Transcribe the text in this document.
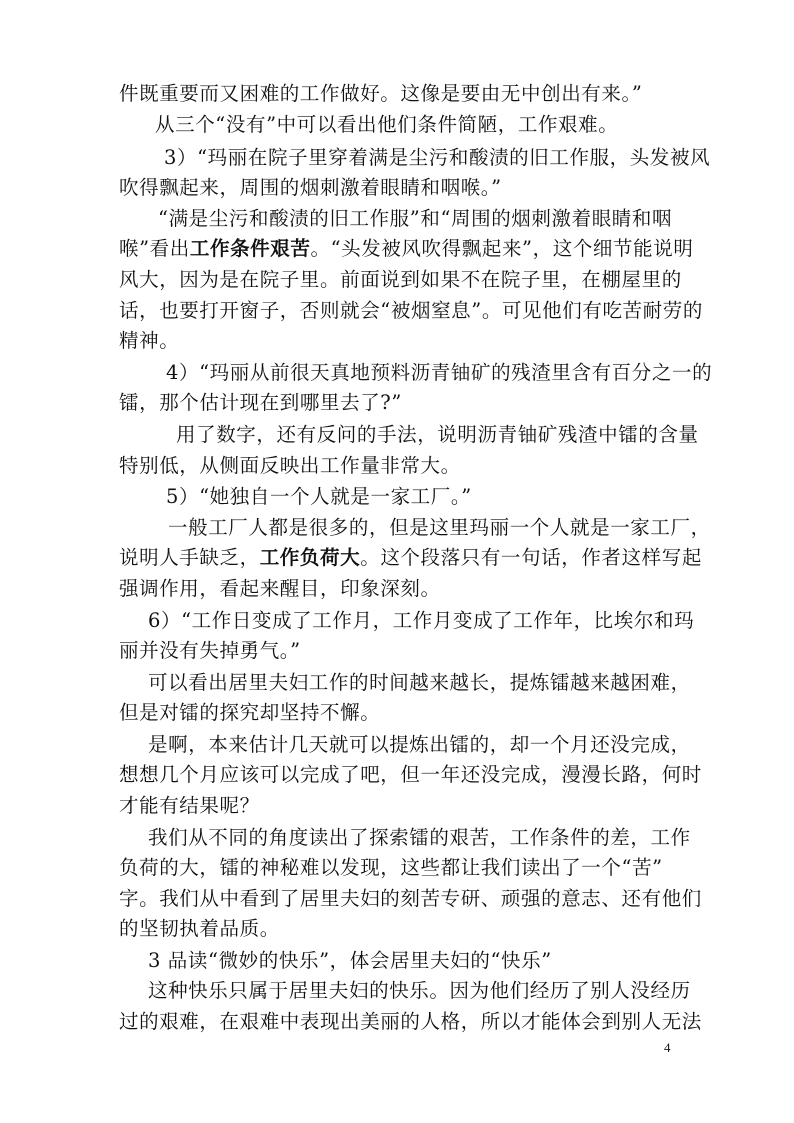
件既重要而又困难的工作做好。这像是要由无中创出有来。”
从三个“没有”中可以看出他们条件简陋，工作艰难。
3）“玛丽在院子里穿着满是尘污和酸渍的旧工作服，头发被风
吹得飘起来，周围的烟刺激着眼睛和咽喉。”
“满是尘污和酸渍的旧工作服”和“周围的烟刺激着眼睛和咽
喉”看出工作条件艰苦。“头发被风吹得飘起来”，这个细节能说明
风大，因为是在院子里。前面说到如果不在院子里，在棚屋里的
话，也要打开窗子，否则就会“被烟窒息”。可见他们有吃苦耐劳的
精神。
4）“玛丽从前很天真地预料沥青铀矿的残渣里含有百分之一的
镭，那个估计现在到哪里去了?”
用了数字，还有反问的手法，说明沥青铀矿残渣中镭的含量
特别低，从侧面反映出工作量非常大。
5）“她独自一个人就是一家工厂。”
一般工厂人都是很多的，但是这里玛丽一个人就是一家工厂，
说明人手缺乏，工作负荷大。这个段落只有一句话，作者这样写起
强调作用，看起来醒目，印象深刻。
6）“工作日变成了工作月，工作月变成了工作年，比埃尔和玛
丽并没有失掉勇气。”
可以看出居里夫妇工作的时间越来越长，提炼镭越来越困难，
但是对镭的探究却坚持不懈。
是啊，本来估计几天就可以提炼出镭的，却一个月还没完成，
想想几个月应该可以完成了吧，但一年还没完成，漫漫长路，何时
才能有结果呢？
我们从不同的角度读出了探索镭的艰苦，工作条件的差，工作
负荷的大，镭的神秘难以发现，这些都让我们读出了一个“苦”
字。我们从中看到了居里夫妇的刻苦专研、顽强的意志、还有他们
的坚韧执着品质。
3 品读“微妙的快乐”，体会居里夫妇的“快乐”
这种快乐只属于居里夫妇的快乐。因为他们经历了别人没经历
过的艰难，在艰难中表现出美丽的人格，所以才能体会到别人无法
4
